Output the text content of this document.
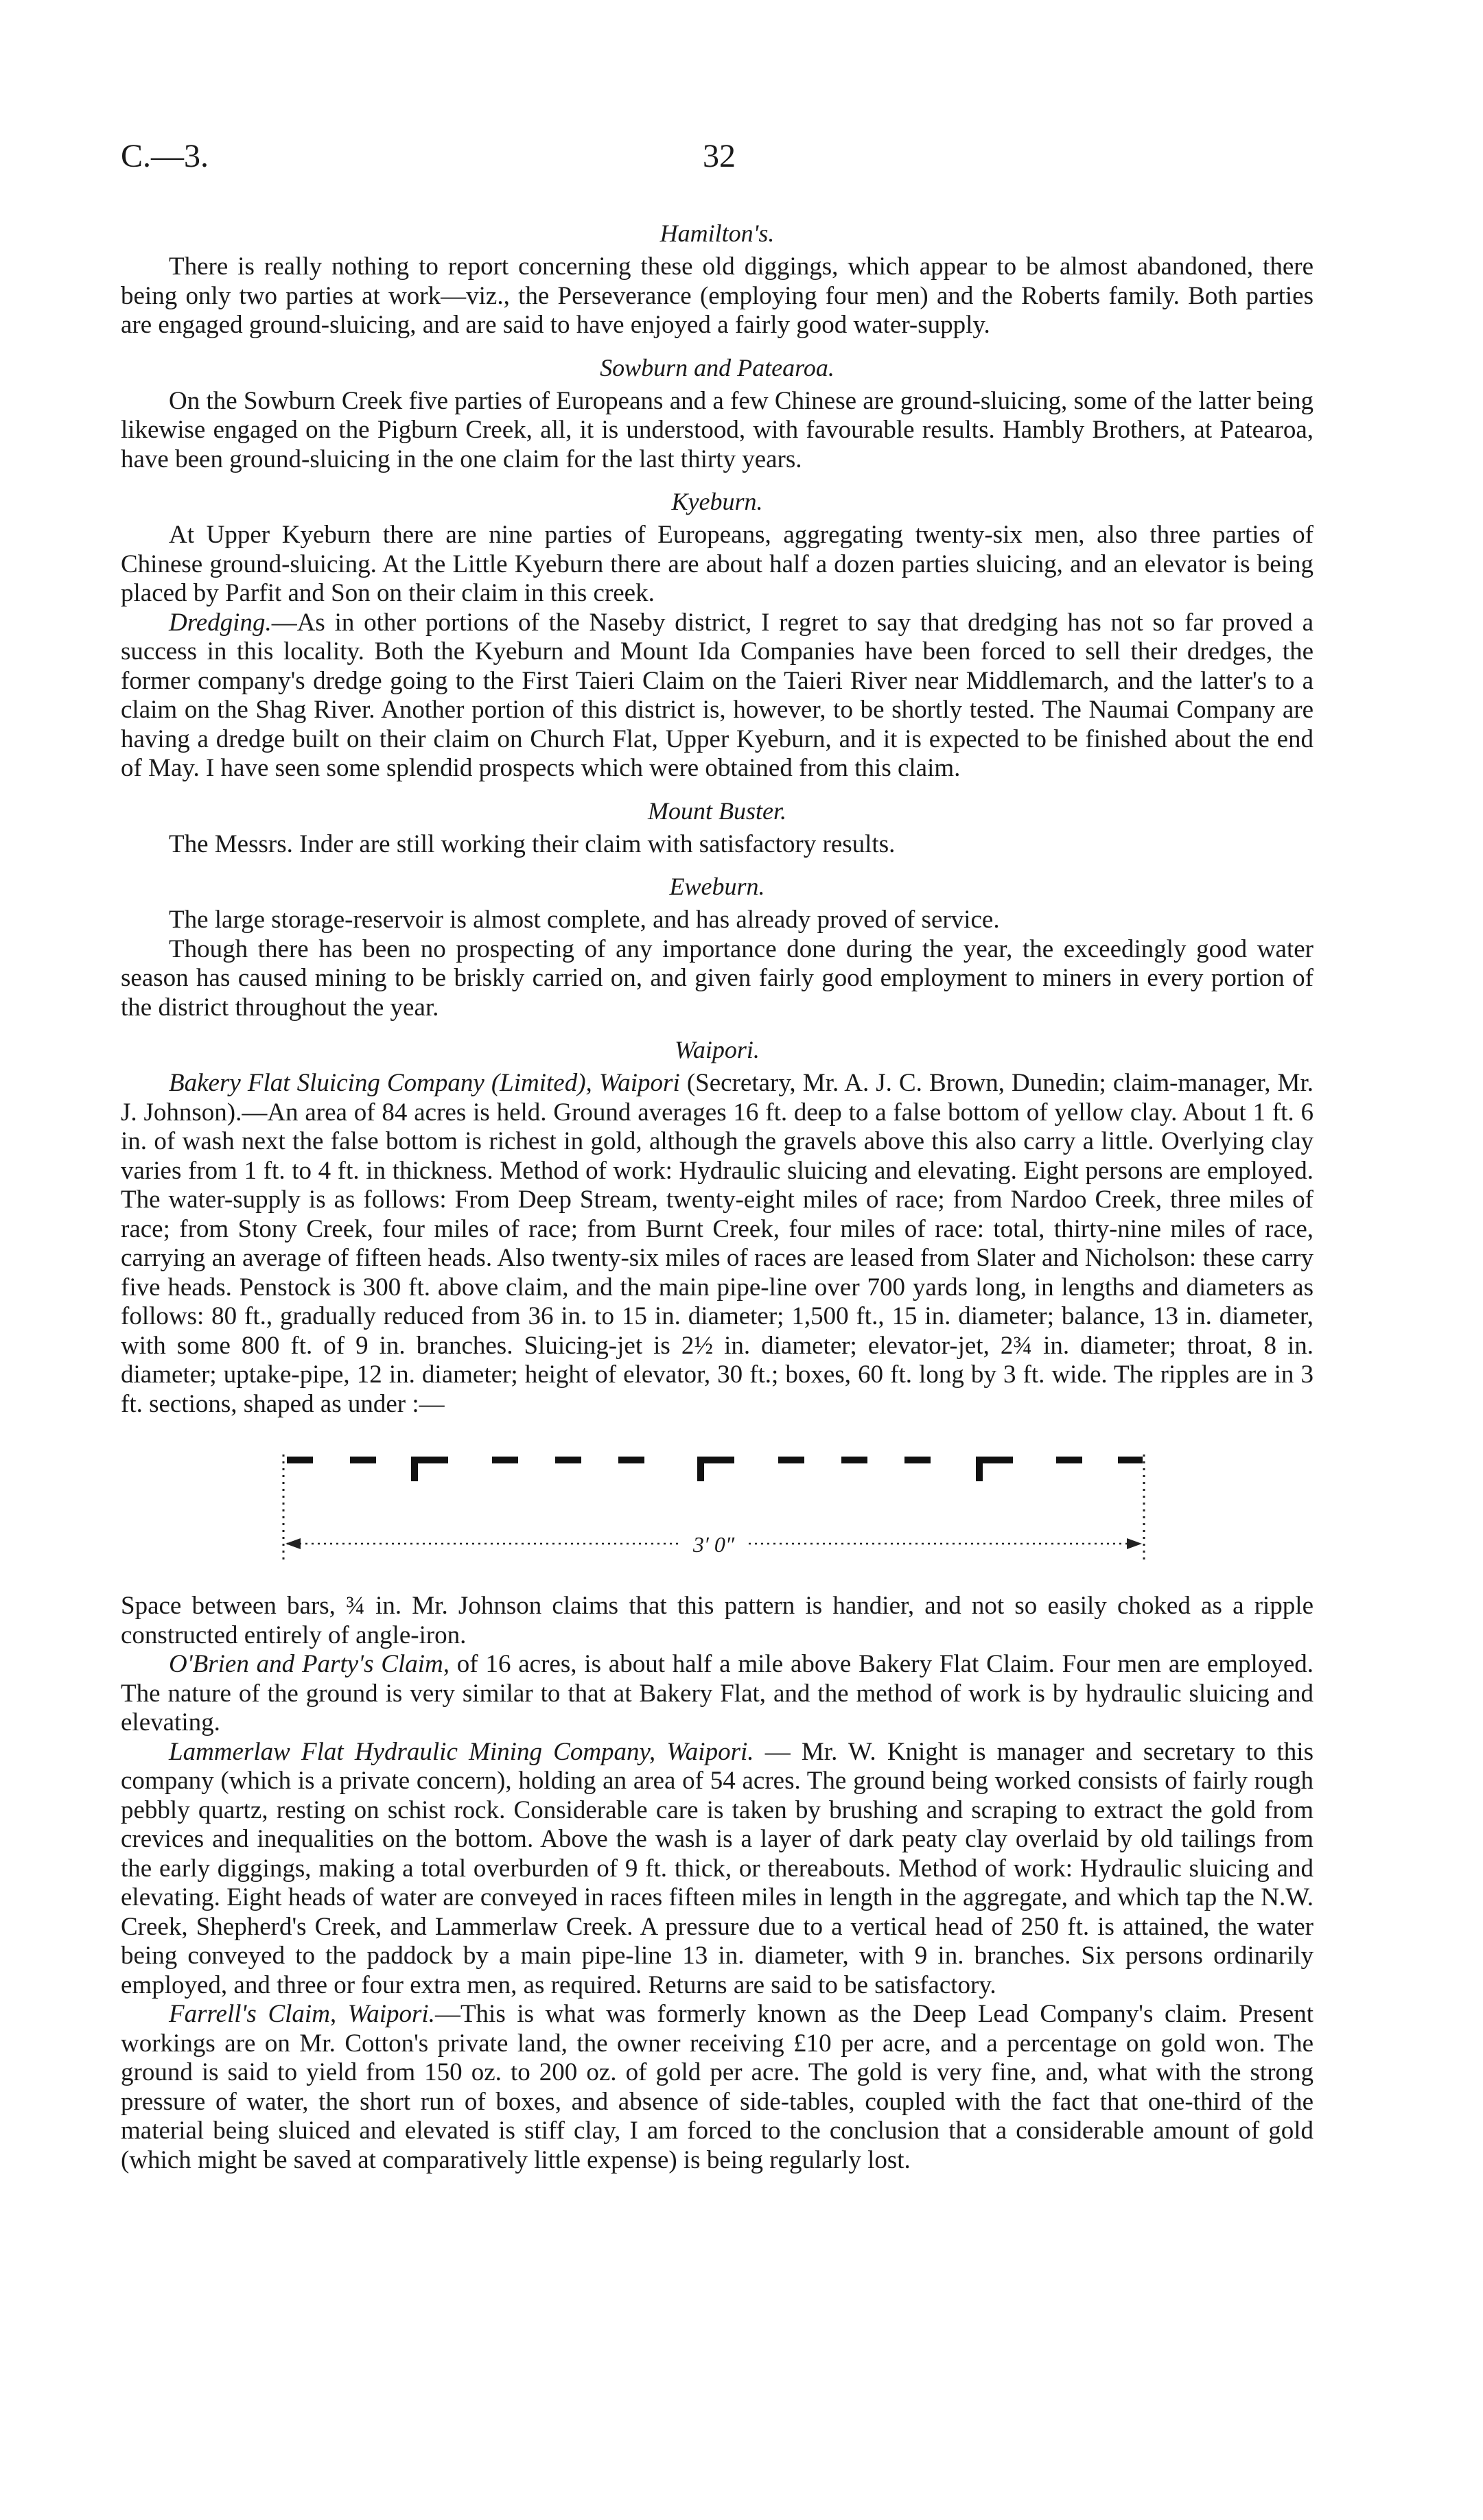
C.—3.	32
Hamilton's.

There is really nothing to report concerning these old diggings, which appear to be almost abandoned, there being only two parties at work—viz., the Perseverance (employing four men) and the Roberts family. Both parties are engaged ground-sluicing, and are said to have enjoyed a fairly good water-supply.

Sowburn and Patearoa.

On the Sowburn Creek five parties of Europeans and a few Chinese are ground-sluicing, some of the latter being likewise engaged on the Pigburn Creek, all, it is understood, with favourable results. Hambly Brothers, at Patearoa, have been ground-sluicing in the one claim for the last thirty years.

Kyeburn.

At Upper Kyeburn there are nine parties of Europeans, aggregating twenty-six men, also three parties of Chinese ground-sluicing. At the Little Kyeburn there are about half a dozen parties sluicing, and an elevator is being placed by Parfit and Son on their claim in this creek.

Dredging.—As in other portions of the Naseby district, I regret to say that dredging has not so far proved a success in this locality. Both the Kyeburn and Mount Ida Companies have been forced to sell their dredges, the former company's dredge going to the First Taieri Claim on the Taieri River near Middlemarch, and the latter's to a claim on the Shag River. Another portion of this district is, however, to be shortly tested. The Naumai Company are having a dredge built on their claim on Church Flat, Upper Kyeburn, and it is expected to be finished about the end of May. I have seen some splendid prospects which were obtained from this claim.

Mount Buster.

The Messrs. Inder are still working their claim with satisfactory results.

Eweburn.

The large storage-reservoir is almost complete, and has already proved of service.

Though there has been no prospecting of any importance done during the year, the exceedingly good water season has caused mining to be briskly carried on, and given fairly good employment to miners in every portion of the district throughout the year.

Waipori.

Bakery Flat Sluicing Company (Limited), Waipori (Secretary, Mr. A. J. C. Brown, Dunedin; claim-manager, Mr. J. Johnson).—An area of 84 acres is held. Ground averages 16 ft. deep to a false bottom of yellow clay. About 1 ft. 6 in. of wash next the false bottom is richest in gold, although the gravels above this also carry a little. Overlying clay varies from 1 ft. to 4 ft. in thickness. Method of work: Hydraulic sluicing and elevating. Eight persons are employed. The water-supply is as follows: From Deep Stream, twenty-eight miles of race; from Nardoo Creek, three miles of race; from Stony Creek, four miles of race; from Burnt Creek, four miles of race: total, thirty-nine miles of race, carrying an average of fifteen heads. Also twenty-six miles of races are leased from Slater and Nicholson: these carry five heads. Penstock is 300 ft. above claim, and the main pipe-line over 700 yards long, in lengths and diameters as follows: 80 ft., gradually reduced from 36 in. to 15 in. diameter; 1,500 ft., 15 in. diameter; balance, 13 in. diameter, with some 800 ft. of 9 in. branches. Sluicing-jet is 2½ in. diameter; elevator-jet, 2¾ in. diameter; throat, 8 in. diameter; uptake-pipe, 12 in. diameter; height of elevator, 30 ft.; boxes, 60 ft. long by 3 ft. wide. The ripples are in 3 ft. sections, shaped as under :—

3′ 0″

Space between bars, ¾ in. Mr. Johnson claims that this pattern is handier, and not so easily choked as a ripple constructed entirely of angle-iron.

O'Brien and Party's Claim, of 16 acres, is about half a mile above Bakery Flat Claim. Four men are employed. The nature of the ground is very similar to that at Bakery Flat, and the method of work is by hydraulic sluicing and elevating.

Lammerlaw Flat Hydraulic Mining Company, Waipori. — Mr. W. Knight is manager and secretary to this company (which is a private concern), holding an area of 54 acres. The ground being worked consists of fairly rough pebbly quartz, resting on schist rock. Considerable care is taken by brushing and scraping to extract the gold from crevices and inequalities on the bottom. Above the wash is a layer of dark peaty clay overlaid by old tailings from the early diggings, making a total overburden of 9 ft. thick, or thereabouts. Method of work: Hydraulic sluicing and elevating. Eight heads of water are conveyed in races fifteen miles in length in the aggregate, and which tap the N.W. Creek, Shepherd's Creek, and Lammerlaw Creek. A pressure due to a vertical head of 250 ft. is attained, the water being conveyed to the paddock by a main pipe-line 13 in. diameter, with 9 in. branches. Six persons ordinarily employed, and three or four extra men, as required. Returns are said to be satisfactory.

Farrell's Claim, Waipori.—This is what was formerly known as the Deep Lead Company's claim. Present workings are on Mr. Cotton's private land, the owner receiving £10 per acre, and a percentage on gold won. The ground is said to yield from 150 oz. to 200 oz. of gold per acre. The gold is very fine, and, what with the strong pressure of water, the short run of boxes, and absence of side-tables, coupled with the fact that one-third of the material being sluiced and elevated is stiff clay, I am forced to the conclusion that a considerable amount of gold (which might be saved at comparatively little expense) is being regularly lost.
